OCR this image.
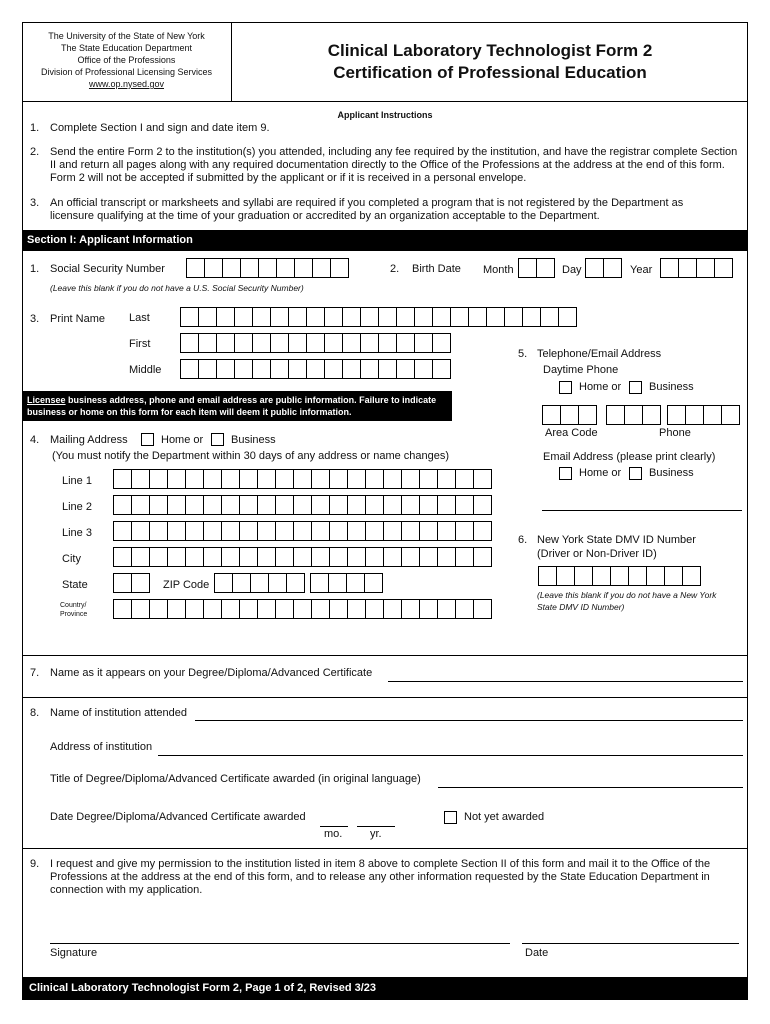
The University of the State of New York
The State Education Department
Office of the Professions
Division of Professional Licensing Services
www.op.nysed.gov
Clinical Laboratory Technologist Form 2
Certification of Professional Education
Applicant Instructions
1. Complete Section I and sign and date item 9.
2. Send the entire Form 2 to the institution(s) you attended, including any fee required by the institution, and have the registrar complete Section II and return all pages along with any required documentation directly to the Office of the Professions at the address at the end of this form. Form 2 will not be accepted if submitted by the applicant or if it is received in a personal envelope.
3. An official transcript or marksheets and syllabi are required if you completed a program that is not registered by the Department as licensure qualifying at the time of your graduation or accredited by an organization acceptable to the Department.
Section I: Applicant Information
1. Social Security Number
(Leave this blank if you do not have a U.S. Social Security Number)
2. Birth Date Month	Day	Year
3. Print Name Last
First
Middle
Licensee business address, phone and email address are public information. Failure to indicate business or home on this form for each item will deem it public information.
4. Mailing Address	Home or	Business
(You must notify the Department within 30 days of any address or name changes)
Line 1
Line 2
Line 3
City
State	ZIP Code
Country/ Province
5. Telephone/Email Address
Daytime Phone
Home or	Business
Area Code	Phone
Email Address (please print clearly)
Home or	Business
6. New York State DMV ID Number
(Driver or Non-Driver ID)
(Leave this blank if you do not have a New York State DMV ID Number)
7. Name as it appears on your Degree/Diploma/Advanced Certificate
8. Name of institution attended
Address of institution
Title of Degree/Diploma/Advanced Certificate awarded (in original language)
Date Degree/Diploma/Advanced Certificate awarded
mo.	yr.
Not yet awarded
9. I request and give my permission to the institution listed in item 8 above to complete Section II of this form and mail it to the Office of the Professions at the address at the end of this form, and to release any other information requested by the State Education Department in connection with my application.
Signature	Date
Clinical Laboratory Technologist Form 2, Page 1 of 2, Revised 3/23
